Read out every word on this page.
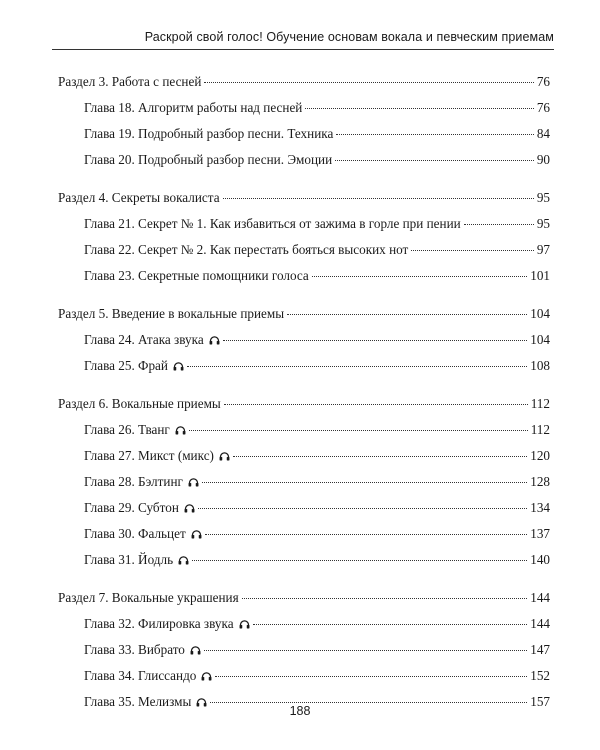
Раскрой свой голос! Обучение основам вокала и певческим приемам
Раздел 3. Работа с песней	76
Глава 18. Алгоритм работы над песней	76
Глава 19. Подробный разбор песни. Техника	84
Глава 20. Подробный разбор песни. Эмоции	90
Раздел 4. Секреты вокалиста	95
Глава 21. Секрет № 1. Как избавиться от зажима в горле при пении	95
Глава 22. Секрет № 2. Как перестать бояться высоких нот	97
Глава 23. Секретные помощники голоса	101
Раздел 5. Введение в вокальные приемы	104
Глава 24. Атака звука	104
Глава 25. Фрай	108
Раздел 6. Вокальные приемы	112
Глава 26. Тванг	112
Глава 27. Микст (микс)	120
Глава 28. Бэлтинг	128
Глава 29. Субтон	134
Глава 30. Фальцет	137
Глава 31. Йодль	140
Раздел 7. Вокальные украшения	144
Глава 32. Филировка звука	144
Глава 33. Вибрато	147
Глава 34. Глиссандо	152
Глава 35. Мелизмы	157
188
